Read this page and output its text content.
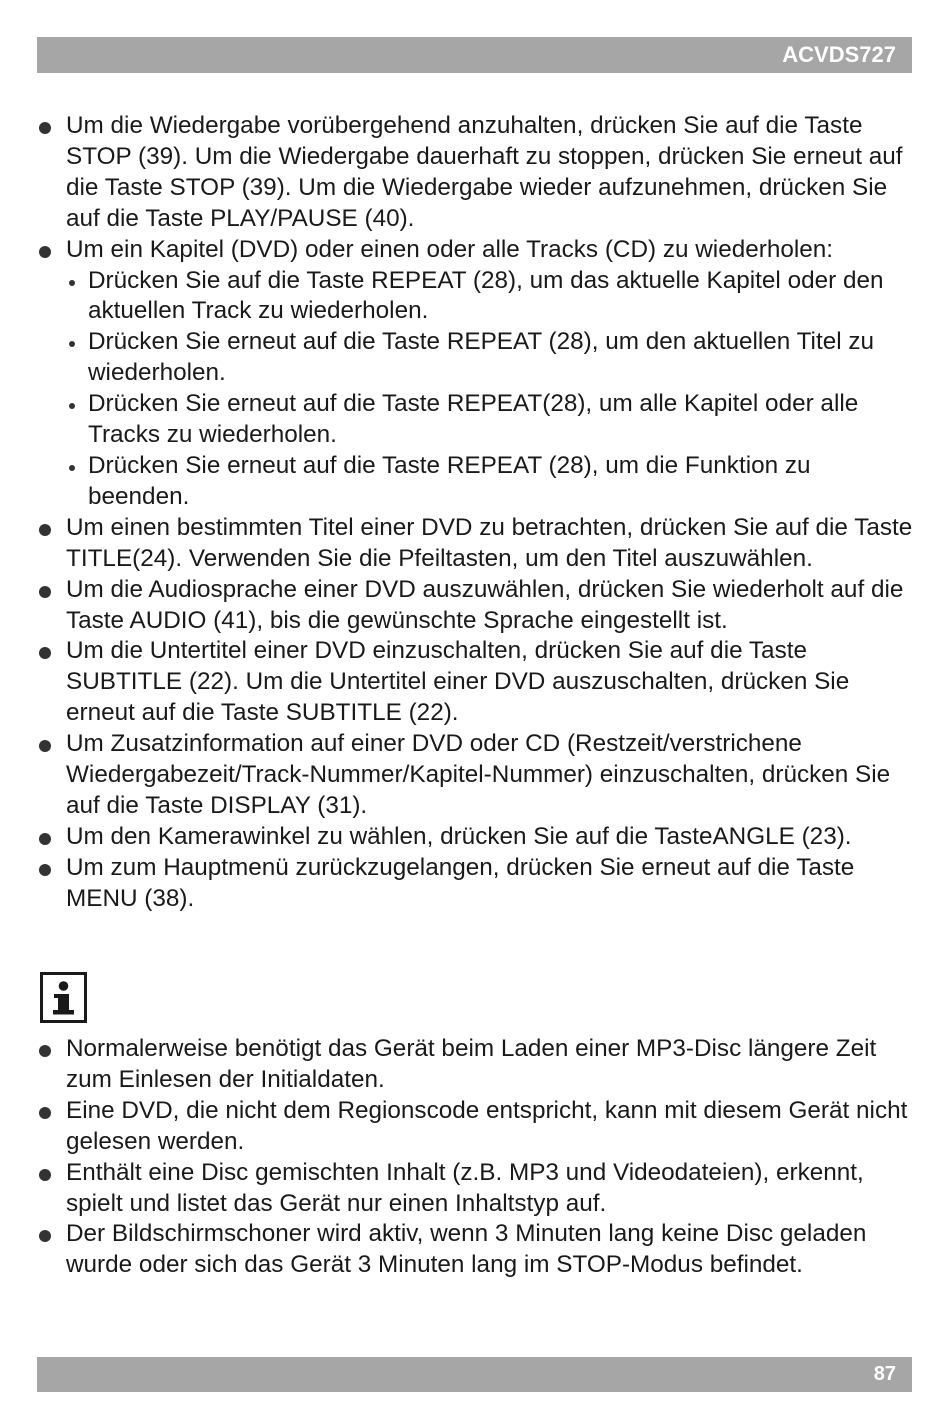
ACVDS727
Um die Wiedergabe vorübergehend anzuhalten, drücken Sie auf die Taste STOP (39). Um die Wiedergabe dauerhaft zu stoppen, drücken Sie erneut auf die Taste STOP (39). Um die Wiedergabe wieder aufzunehmen, drücken Sie auf die Taste PLAY/PAUSE (40).
Um ein Kapitel (DVD) oder einen oder alle Tracks (CD) zu wiederholen:
Drücken Sie auf die Taste REPEAT (28), um das aktuelle Kapitel oder den aktuellen Track zu wiederholen.
Drücken Sie erneut auf die Taste REPEAT (28), um den aktuellen Titel zu wiederholen.
Drücken Sie erneut auf die Taste REPEAT(28), um alle Kapitel oder alle Tracks zu wiederholen.
Drücken Sie erneut auf die Taste REPEAT (28), um die Funktion zu beenden.
Um einen bestimmten Titel einer DVD zu betrachten, drücken Sie auf die Taste TITLE(24). Verwenden Sie die Pfeiltasten, um den Titel auszuwählen.
Um die Audiosprache einer DVD auszuwählen, drücken Sie wiederholt auf die Taste AUDIO (41), bis die gewünschte Sprache eingestellt ist.
Um die Untertitel einer DVD einzuschalten, drücken Sie auf die Taste SUBTITLE (22). Um die Untertitel einer DVD auszuschalten, drücken Sie erneut auf die Taste SUBTITLE (22).
Um Zusatzinformation auf einer DVD oder CD (Restzeit/verstrichene Wiedergabezeit/Track-Nummer/Kapitel-Nummer) einzuschalten, drücken Sie auf die Taste DISPLAY (31).
Um den Kamerawinkel zu wählen, drücken Sie auf die TasteANGLE (23).
Um zum Hauptmenü zurückzugelangen, drücken Sie erneut auf die Taste MENU (38).
Normalerweise benötigt das Gerät beim Laden einer MP3-Disc längere Zeit zum Einlesen der Initialdaten.
Eine DVD, die nicht dem Regionscode entspricht, kann mit diesem Gerät nicht gelesen werden.
Enthält eine Disc gemischten Inhalt (z.B. MP3 und Videodateien), erkennt, spielt und listet das Gerät nur einen Inhaltstyp auf.
Der Bildschirmschoner wird aktiv, wenn 3 Minuten lang keine Disc geladen wurde oder sich das Gerät 3 Minuten lang im STOP-Modus befindet.
87
